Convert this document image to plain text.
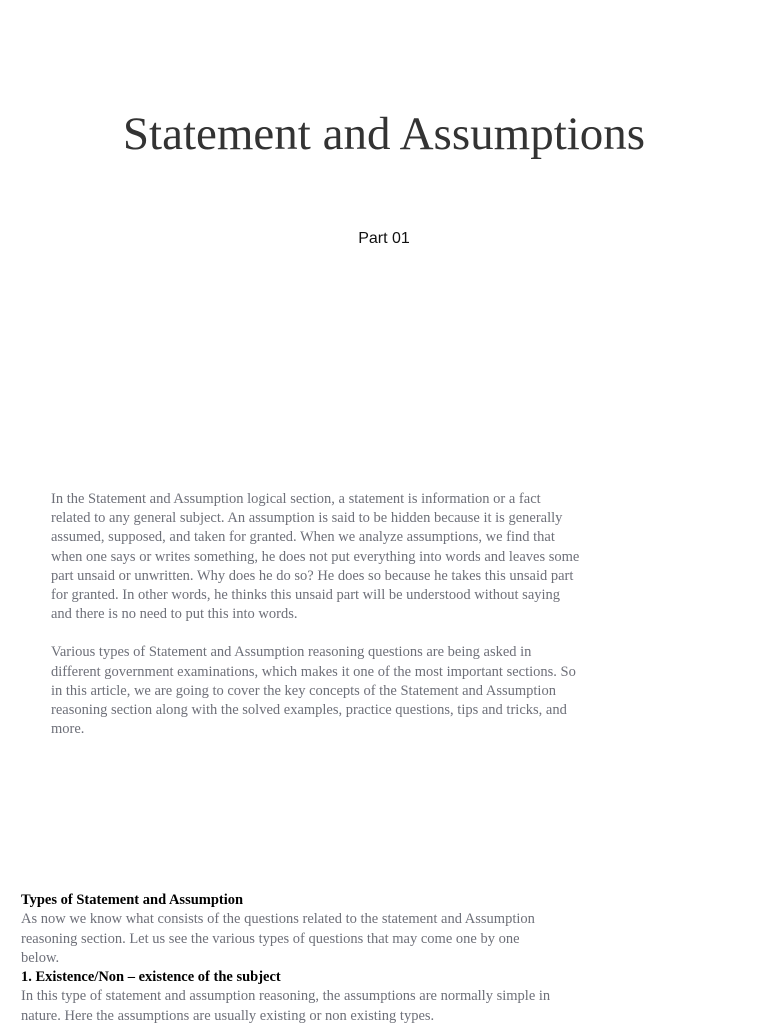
Statement and Assumptions
Part 01

In the Statement and Assumption logical section, a statement is information or a fact related to any general subject. An assumption is said to be hidden because it is generally assumed, supposed, and taken for granted. When we analyze assumptions, we find that when one says or writes something, he does not put everything into words and leaves some part unsaid or unwritten. Why does he do so? He does so because he takes this unsaid part for granted. In other words, he thinks this unsaid part will be understood without saying and there is no need to put this into words.

Various types of Statement and Assumption reasoning questions are being asked in different government examinations, which makes it one of the most important sections. So in this article, we are going to cover the key concepts of the Statement and Assumption reasoning section along with the solved examples, practice questions, tips and tricks, and more.

Types of Statement and Assumption

As now we know what consists of the questions related to the statement and Assumption reasoning section. Let us see the various types of questions that may come one by one below.

1. Existence/Non – existence of the subject

In this type of statement and assumption reasoning, the assumptions are normally simple in nature. Here the assumptions are usually existing or non existing types.
